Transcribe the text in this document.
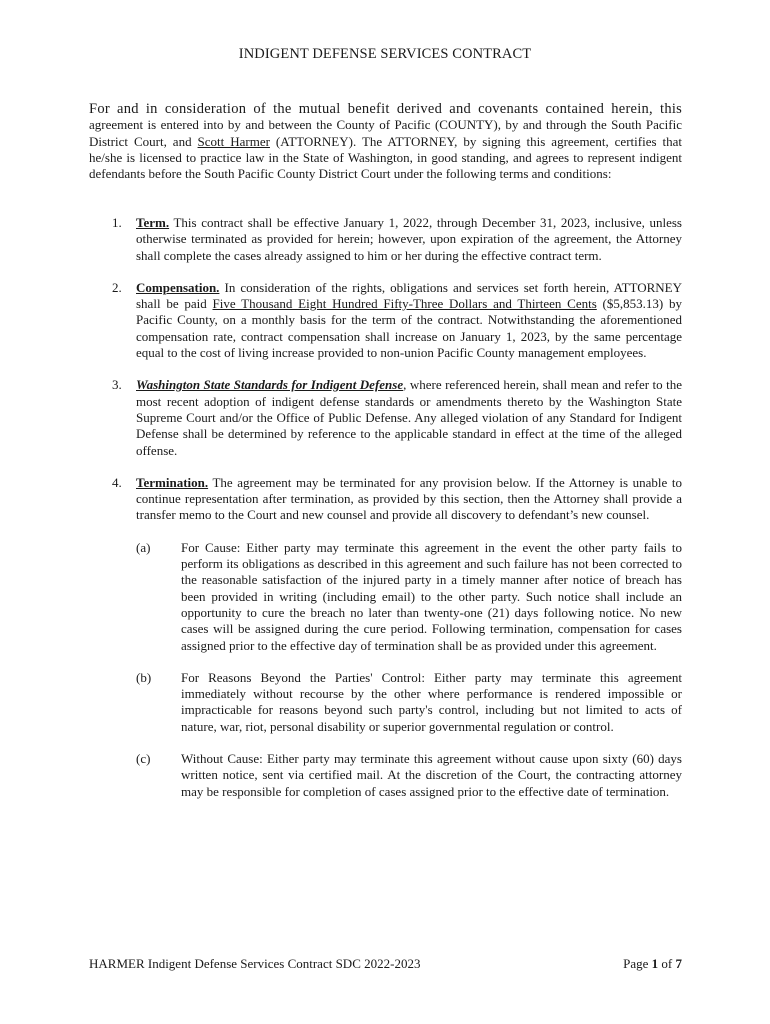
INDIGENT DEFENSE SERVICES CONTRACT
For and in consideration of the mutual benefit derived and covenants contained herein, this agreement is entered into by and between the County of Pacific (COUNTY), by and through the South Pacific District Court, and Scott Harmer (ATTORNEY). The ATTORNEY, by signing this agreement, certifies that he/she is licensed to practice law in the State of Washington, in good standing, and agrees to represent indigent defendants before the South Pacific County District Court under the following terms and conditions:
1. Term. This contract shall be effective January 1, 2022, through December 31, 2023, inclusive, unless otherwise terminated as provided for herein; however, upon expiration of the agreement, the Attorney shall complete the cases already assigned to him or her during the effective contract term.
2. Compensation. In consideration of the rights, obligations and services set forth herein, ATTORNEY shall be paid Five Thousand Eight Hundred Fifty-Three Dollars and Thirteen Cents ($5,853.13) by Pacific County, on a monthly basis for the term of the contract. Notwithstanding the aforementioned compensation rate, contract compensation shall increase on January 1, 2023, by the same percentage equal to the cost of living increase provided to non-union Pacific County management employees.
3. Washington State Standards for Indigent Defense, where referenced herein, shall mean and refer to the most recent adoption of indigent defense standards or amendments thereto by the Washington State Supreme Court and/or the Office of Public Defense. Any alleged violation of any Standard for Indigent Defense shall be determined by reference to the applicable standard in effect at the time of the alleged offense.
4. Termination. The agreement may be terminated for any provision below. If the Attorney is unable to continue representation after termination, as provided by this section, then the Attorney shall provide a transfer memo to the Court and new counsel and provide all discovery to defendant’s new counsel.
(a) For Cause: Either party may terminate this agreement in the event the other party fails to perform its obligations as described in this agreement and such failure has not been corrected to the reasonable satisfaction of the injured party in a timely manner after notice of breach has been provided in writing (including email) to the other party. Such notice shall include an opportunity to cure the breach no later than twenty-one (21) days following notice. No new cases will be assigned during the cure period. Following termination, compensation for cases assigned prior to the effective day of termination shall be as provided under this agreement.
(b) For Reasons Beyond the Parties' Control: Either party may terminate this agreement immediately without recourse by the other where performance is rendered impossible or impracticable for reasons beyond such party's control, including but not limited to acts of nature, war, riot, personal disability or superior governmental regulation or control.
(c) Without Cause: Either party may terminate this agreement without cause upon sixty (60) days written notice, sent via certified mail. At the discretion of the Court, the contracting attorney may be responsible for completion of cases assigned prior to the effective date of termination.
HARMER Indigent Defense Services Contract SDC 2022-2023	Page 1 of 7
